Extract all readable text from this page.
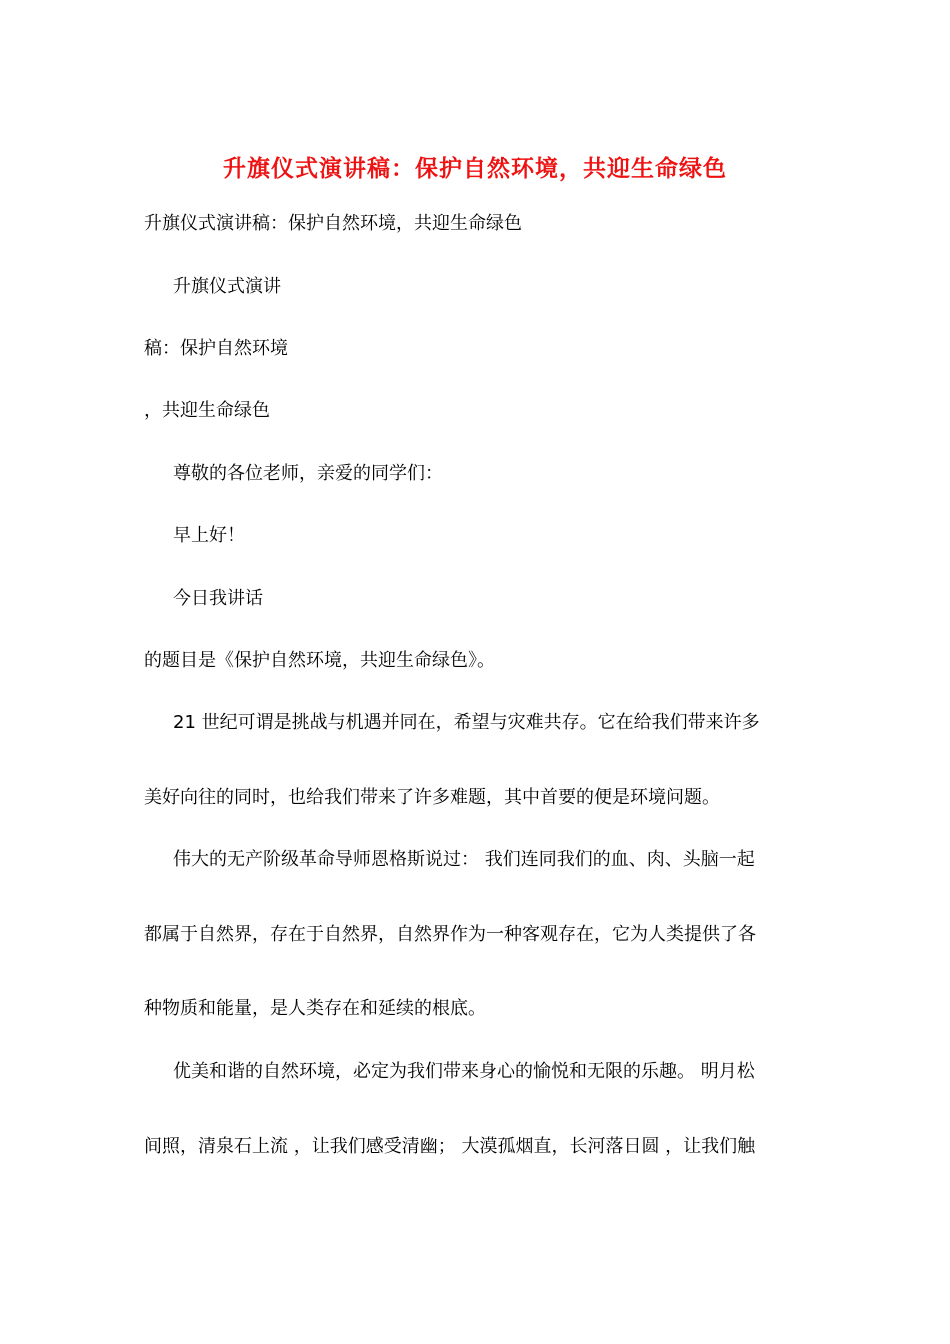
升旗仪式演讲稿：保护自然环境，共迎生命绿色
升旗仪式演讲稿：保护自然环境，共迎生命绿色
升旗仪式演讲
稿：保护自然环境
，共迎生命绿色
尊敬的各位老师，亲爱的同学们：
早上好！
今日我讲话
的题目是《保护自然环境，共迎生命绿色》。
21 世纪可谓是挑战与机遇并同在，希望与灾难共存。它在给我们带来许多
美好向往的同时，也给我们带来了许多难题，其中首要的便是环境问题。
伟大的无产阶级革命导师恩格斯说过： 我们连同我们的血、肉、头脑一起
都属于自然界，存在于自然界，自然界作为一种客观存在，它为人类提供了各
种物质和能量，是人类存在和延续的根底。
优美和谐的自然环境，必定为我们带来身心的愉悦和无限的乐趣。 明月松
间照，清泉石上流 ，让我们感受清幽； 大漠孤烟直，长河落日圆 ，让我们触
